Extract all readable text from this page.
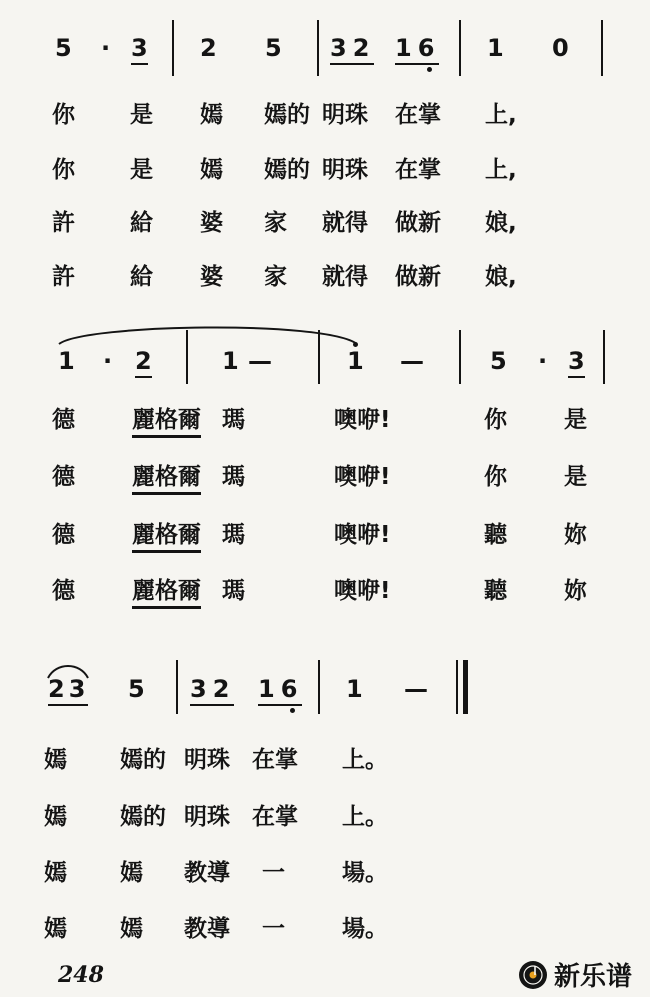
5 · 3 2 5 32 16 1 0
你 是 嫣 嫣的 明珠 在掌 上,
你 是 嫣 嫣的 明珠 在掌 上,
許 給 婆 家 就得 做新 娘,
許 給 婆 家 就得 做新 娘,
1 · 2	1 —	1 —	5 · 3
德 麗格爾 瑪	噢咿!	你 是
德 麗格爾 瑪	噢咿!	你 是
德 麗格爾 瑪	噢咿!	聽 妳
德 麗格爾 瑪	噢咿!	聽 妳
23 5 32 16 1 —
嫣 嫣的 明珠 在掌 上。
嫣 嫣的 明珠 在掌 上。
嫣 嫣 教導 一 場。
嫣 嫣 教導 一 場。
248	新乐谱
